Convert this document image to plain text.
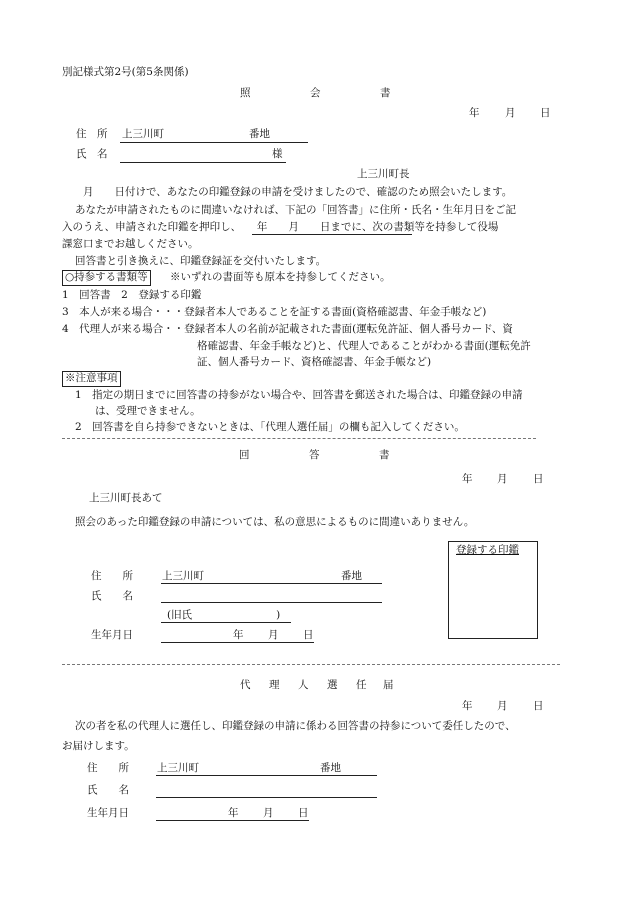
別記様式第2号(第5条関係)
照	会	書
年 月 日
住　所 上三川町	番地
氏　名	様
上三川町長
　　月　　日付けで、あなたの印鑑登録の申請を受けましたので、確認のため照会いたします。
あなたが申請されたものに間違いなければ、下記の「回答書」に住所・氏名・生年月日をご記
入のうえ、申請された印鑑を押印し、　　年　　月　　日までに、次の書類等を持参して役場
課窓口までお越しください。
回答書と引き換えに、印鑑登録証を交付いたします。
○持参する書類等 ※いずれの書面等も原本を持参してください。
1　回答書　2　登録する印鑑
3　本人が来る場合・・・登録者本人であることを証する書面(資格確認書、年金手帳など)
4　代理人が来る場合・・登録者本人の名前が記載された書面(運転免許証、個人番号カード、資
格確認書、年金手帳など)と、代理人であることがわかる書面(運転免許
証、個人番号カード、資格確認書、年金手帳など)
※注意事項
1　指定の期日までに回答書の持参がない場合や、回答書を郵送された場合は、印鑑登録の申請
は、受理できません。
2　回答書を自ら持参できないときは、「代理人選任届」の欄も記入してください。
回	答	書
年 月 日
上三川町長あて
照会のあった印鑑登録の申請については、私の意思によるものに間違いありません。
登録する印鑑
住　　所	上三川町	番地
氏　　名
(旧氏　　　　　　　　)
生年月日	年 月 日
代 理 人 選 任 届
年 月 日
次の者を私の代理人に選任し、印鑑登録の申請に係わる回答書の持参について委任したので、
お届けします。
住　　所	上三川町	番地
氏　　名
生年月日	年 月 日
